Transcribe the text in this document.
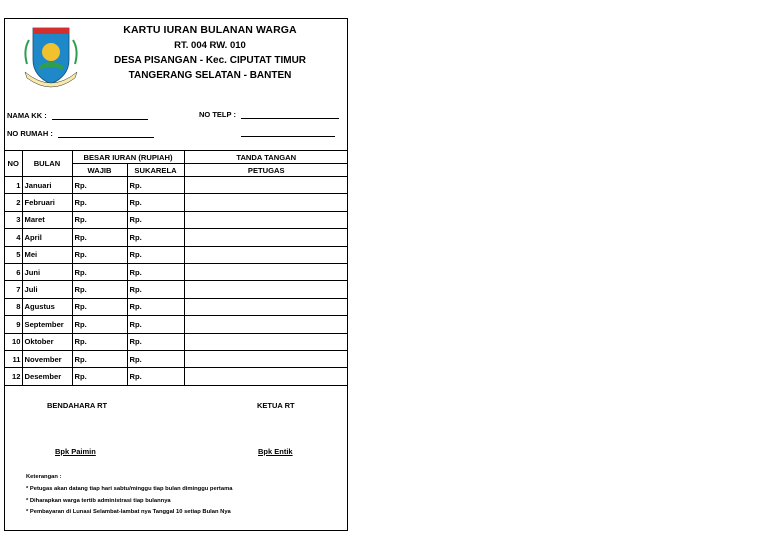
KARTU IURAN BULANAN WARGA
RT. 004 RW. 010
DESA PISANGAN - Kec. CIPUTAT TIMUR
TANGERANG SELATAN - BANTEN
NAMA KK :
NO RUMAH :
NO TELP :
NO	BULAN	BESAR IURAN (RUPIAH)		TANDA TANGAN
		WAJIB	SUKARELA	PETUGAS
1	Januari	Rp.	Rp.	
2	Februari	Rp.	Rp.	
3	Maret	Rp.	Rp.	
4	April	Rp.	Rp.	
5	Mei	Rp.	Rp.	
6	Juni	Rp.	Rp.	
7	Juli	Rp.	Rp.	
8	Agustus	Rp.	Rp.	
9	September	Rp.	Rp.	
10	Oktober	Rp.	Rp.	
11	November	Rp.	Rp.	
12	Desember	Rp.	Rp.	
BENDAHARA RT	KETUA RT
Bpk Paimin	Bpk Entik
Keterangan :
* Petugas akan datang tiap hari sabtu/minggu tiap bulan diminggu pertama
* Diharapkan warga tertib administrasi tiap bulannya
* Pembayaran di Lunasi Selambat-lambat nya Tanggal 10 setiap Bulan Nya
